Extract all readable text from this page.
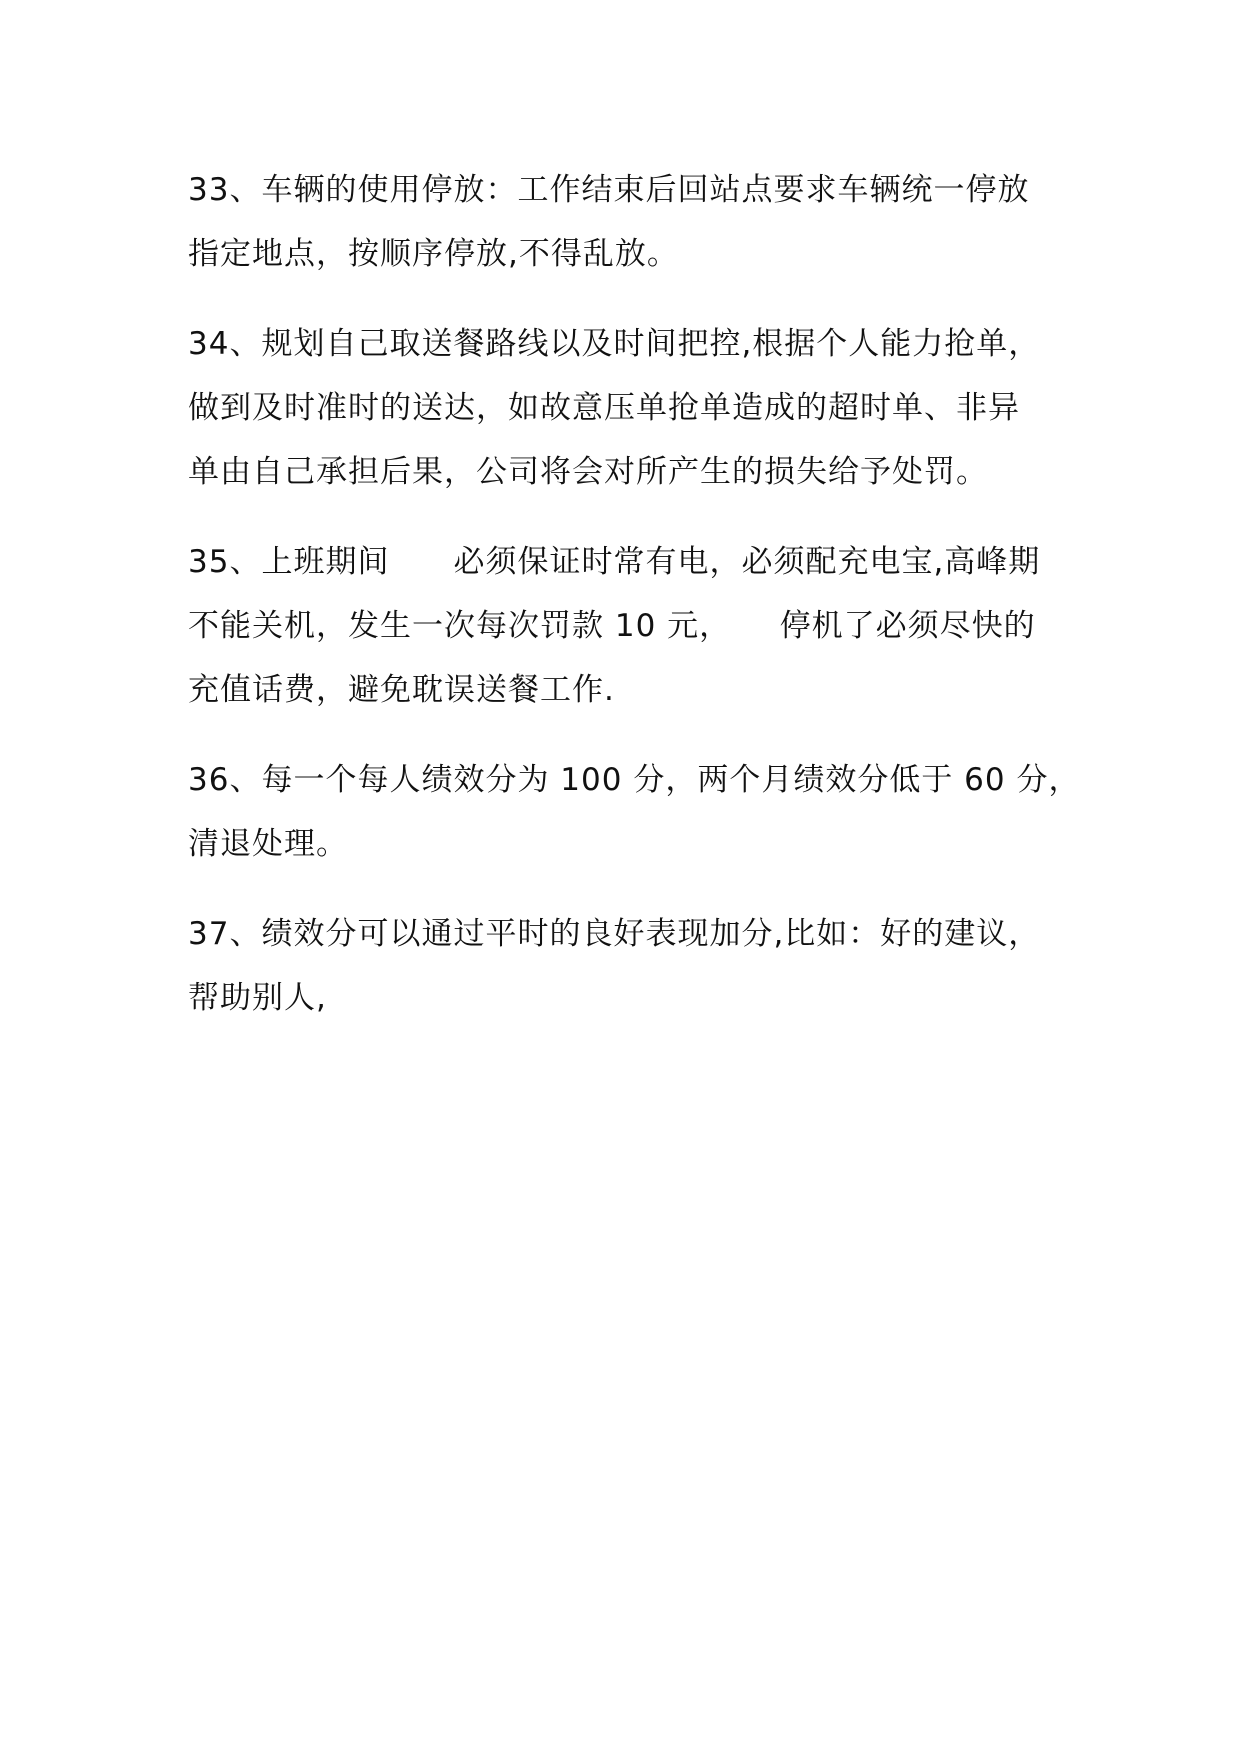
33、车辆的使用停放：工作结束后回站点要求车辆统一停放
指定地点，按顺序停放,不得乱放。

34、规划自己取送餐路线以及时间把控,根据个人能力抢单，
做到及时准时的送达，如故意压单抢单造成的超时单、非异
单由自己承担后果，公司将会对所产生的损失给予处罚。

35、上班期间　　必须保证时常有电，必须配充电宝,高峰期
不能关机，发生一次每次罚款 10 元，　　停机了必须尽快的
充值话费，避免耽误送餐工作.

36、每一个每人绩效分为 100 分，两个月绩效分低于 60 分，
清退处理。

37、绩效分可以通过平时的良好表现加分,比如：好的建议，
帮助别人,
